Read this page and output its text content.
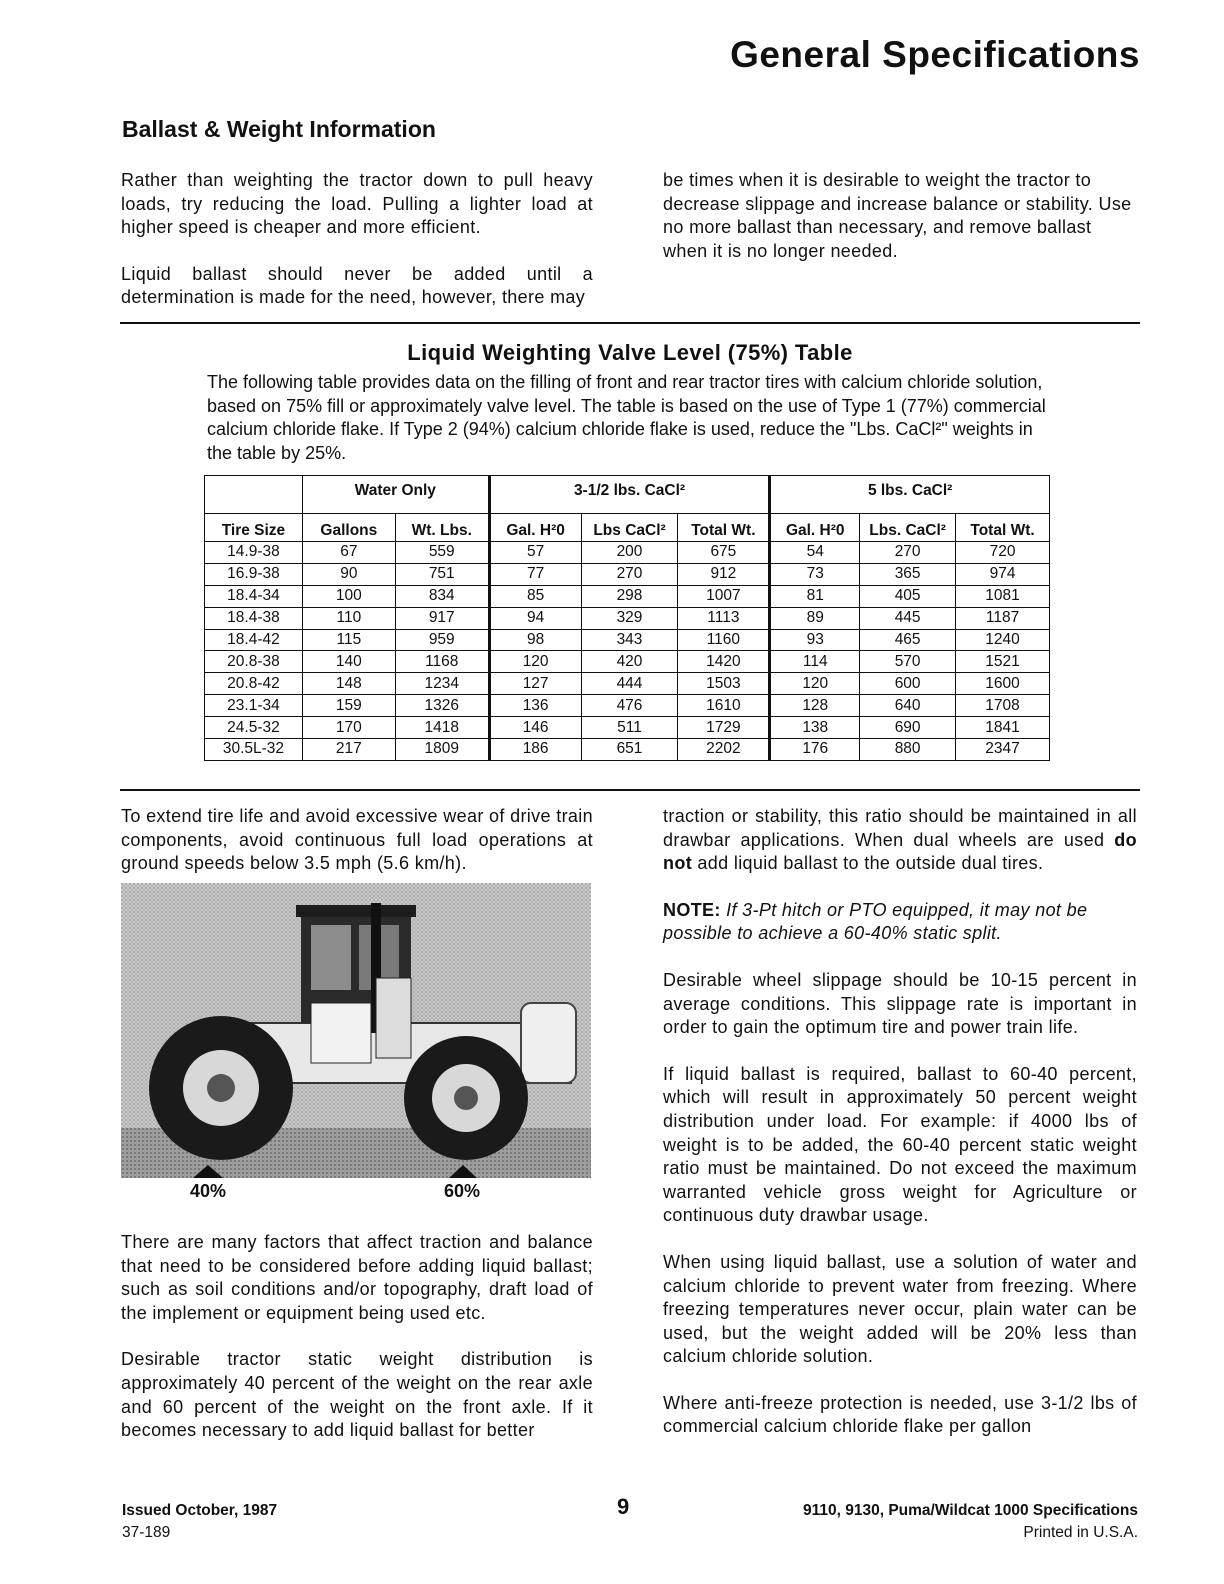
General Specifications
Ballast & Weight Information

Rather than weighting the tractor down to pull heavy loads, try reducing the load. Pulling a lighter load at higher speed is cheaper and more efficient.

Liquid ballast should never be added until a determination is made for the need, however, there may

be times when it is desirable to weight the tractor to decrease slippage and increase balance or stability. Use no more ballast than necessary, and remove ballast when it is no longer needed.

Liquid Weighting Valve Level (75%) Table
The following table provides data on the filling of front and rear tractor tires with calcium chloride solution, based on 75% fill or approximately valve level. The table is based on the use of Type 1 (77%) commercial calcium chloride flake. If Type 2 (94%) calcium chloride flake is used, reduce the "Lbs. CaCl²" weights in the table by 25%.
	Water Only		3-1/2 lbs. CaCl²			5 lbs. CaCl²		
Tire Size	Gallons	Wt. Lbs.	Gal. H²0	Lbs CaCl²	Total Wt.	Gal. H²0	Lbs. CaCl²	Total Wt.
14.9-38	67	559	57	200	675	54	270	720
16.9-38	90	751	77	270	912	73	365	974
18.4-34	100	834	85	298	1007	81	405	1081
18.4-38	110	917	94	329	1113	89	445	1187
18.4-42	115	959	98	343	1160	93	465	1240
20.8-38	140	1168	120	420	1420	114	570	1521
20.8-42	148	1234	127	444	1503	120	600	1600
23.1-34	159	1326	136	476	1610	128	640	1708
24.5-32	170	1418	146	511	1729	138	690	1841
30.5L-32	217	1809	186	651	2202	176	880	2347

To extend tire life and avoid excessive wear of drive train components, avoid continuous full load operations at ground speeds below 3.5 mph (5.6 km/h).

40%	60%

There are many factors that affect traction and balance that need to be considered before adding liquid ballast; such as soil conditions and/or topography, draft load of the implement or equipment being used etc.

Desirable tractor static weight distribution is approximately 40 percent of the weight on the rear axle and 60 percent of the weight on the front axle. If it becomes necessary to add liquid ballast for better

traction or stability, this ratio should be maintained in all drawbar applications. When dual wheels are used do not add liquid ballast to the outside dual tires.

NOTE: If 3-Pt hitch or PTO equipped, it may not be possible to achieve a 60-40% static split.

Desirable wheel slippage should be 10-15 percent in average conditions. This slippage rate is important in order to gain the optimum tire and power train life.

If liquid ballast is required, ballast to 60-40 percent, which will result in approximately 50 percent weight distribution under load. For example: if 4000 lbs of weight is to be added, the 60-40 percent static weight ratio must be maintained. Do not exceed the maximum warranted vehicle gross weight for Agriculture or continuous duty drawbar usage.

When using liquid ballast, use a solution of water and calcium chloride to prevent water from freezing. Where freezing temperatures never occur, plain water can be used, but the weight added will be 20% less than calcium chloride solution.

Where anti-freeze protection is needed, use 3-1/2 lbs of commercial calcium chloride flake per gallon

Issued October, 1987
37-189
9	9110, 9130, Puma/Wildcat 1000 Specifications
Printed in U.S.A.
